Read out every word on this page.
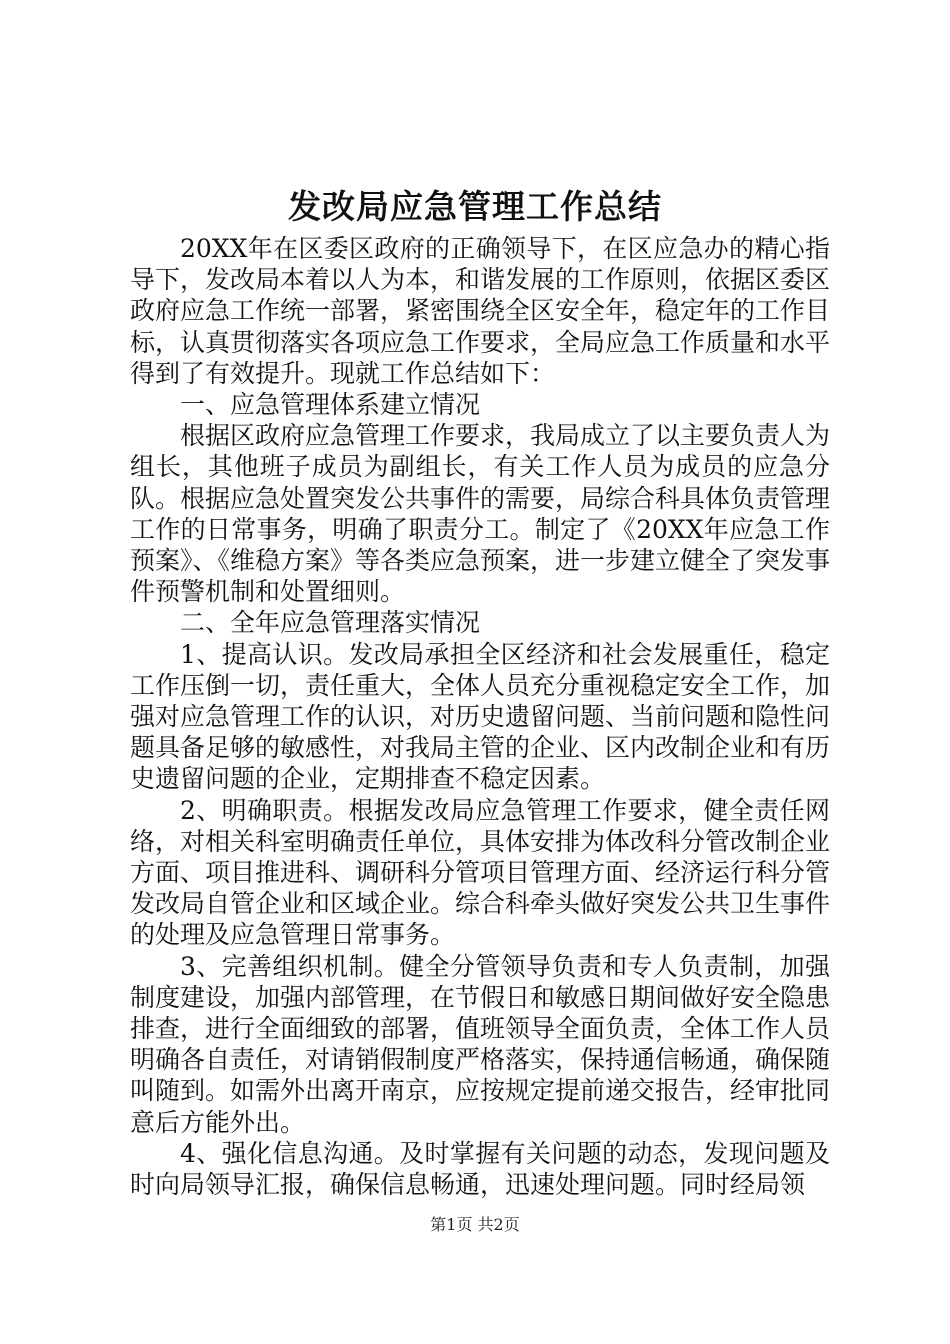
发改局应急管理工作总结

20XX年在区委区政府的正确领导下，在区应急办的精心指导下，发改局本着以人为本，和谐发展的工作原则，依据区委区政府应急工作统一部署，紧密围绕全区安全年，稳定年的工作目标，认真贯彻落实各项应急工作要求，全局应急工作质量和水平得到了有效提升。现就工作总结如下：

一、应急管理体系建立情况

根据区政府应急管理工作要求，我局成立了以主要负责人为组长，其他班子成员为副组长，有关工作人员为成员的应急分队。根据应急处置突发公共事件的需要，局综合科具体负责管理工作的日常事务，明确了职责分工。制定了《20XX年应急工作预案》、《维稳方案》等各类应急预案，进一步建立健全了突发事件预警机制和处置细则。

二、全年应急管理落实情况

1、提高认识。发改局承担全区经济和社会发展重任，稳定工作压倒一切，责任重大，全体人员充分重视稳定安全工作，加强对应急管理工作的认识，对历史遗留问题、当前问题和隐性问题具备足够的敏感性，对我局主管的企业、区内改制企业和有历史遗留问题的企业，定期排查不稳定因素。

2、明确职责。根据发改局应急管理工作要求，健全责任网络，对相关科室明确责任单位，具体安排为体改科分管改制企业方面、项目推进科、调研科分管项目管理方面、经济运行科分管发改局自管企业和区域企业。综合科牵头做好突发公共卫生事件的处理及应急管理日常事务。

3、完善组织机制。健全分管领导负责和专人负责制，加强制度建设，加强内部管理，在节假日和敏感日期间做好安全隐患排查，进行全面细致的部署，值班领导全面负责，全体工作人员明确各自责任，对请销假制度严格落实，保持通信畅通，确保随叫随到。如需外出离开南京，应按规定提前递交报告，经审批同意后方能外出。

4、强化信息沟通。及时掌握有关问题的动态，发现问题及时向局领导汇报，确保信息畅通，迅速处理问题。同时经局领

第1页 共2页
